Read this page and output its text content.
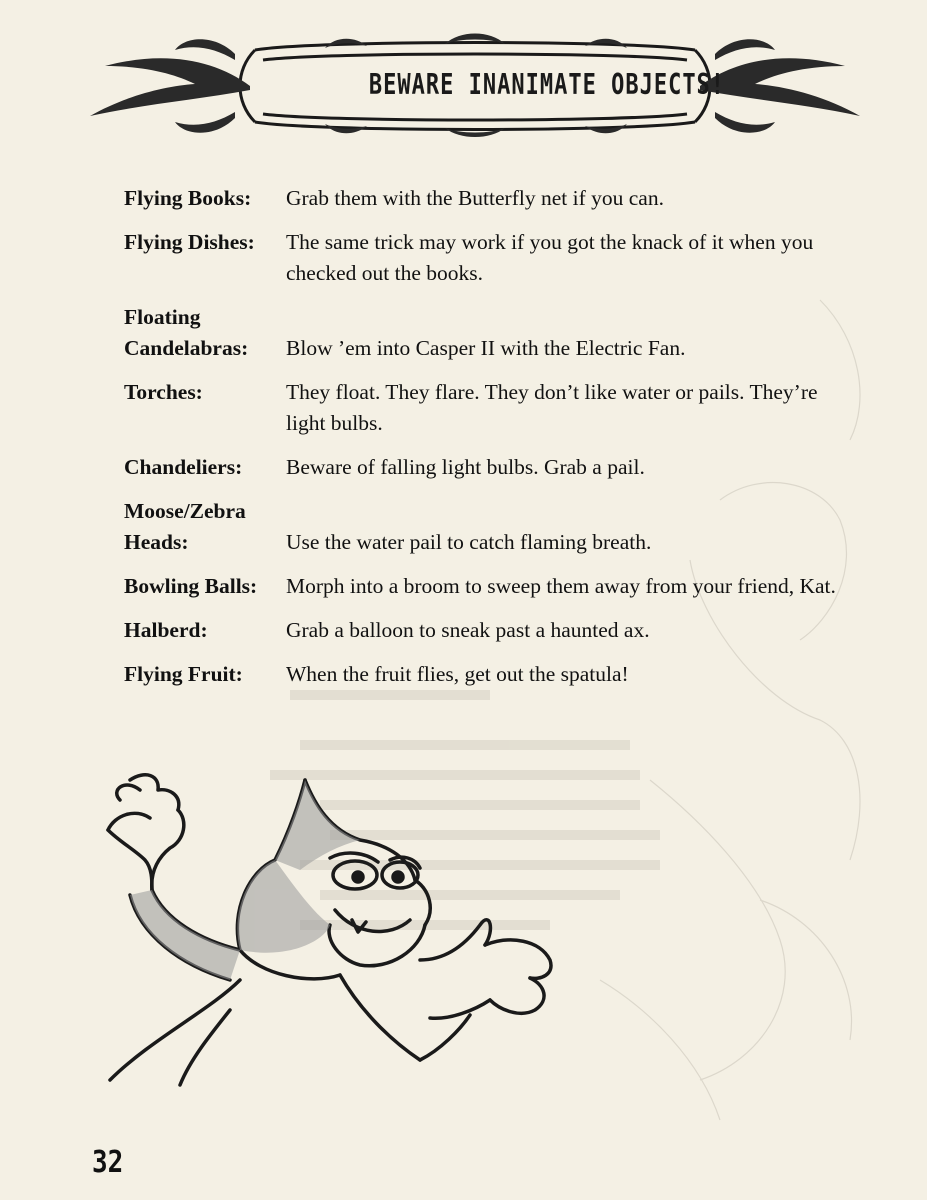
BEWARE INANIMATE OBJECTS!
Flying Books:	Grab them with the Butterfly net if you can.
Flying Dishes:	The same trick may work if you got the knack of it when you checked out the books.
Floating Candelabras:	Blow ’em into Casper II with the Electric Fan.
Torches:	They float. They flare. They don’t like water or pails. They’re light bulbs.
Chandeliers:	Beware of falling light bulbs. Grab a pail.
Moose/Zebra Heads:	Use the water pail to catch flaming breath.
Bowling Balls:	Morph into a broom to sweep them away from your friend, Kat.
Halberd:	Grab a balloon to sneak past a haunted ax.
Flying Fruit:	When the fruit flies, get out the spatula!
32
